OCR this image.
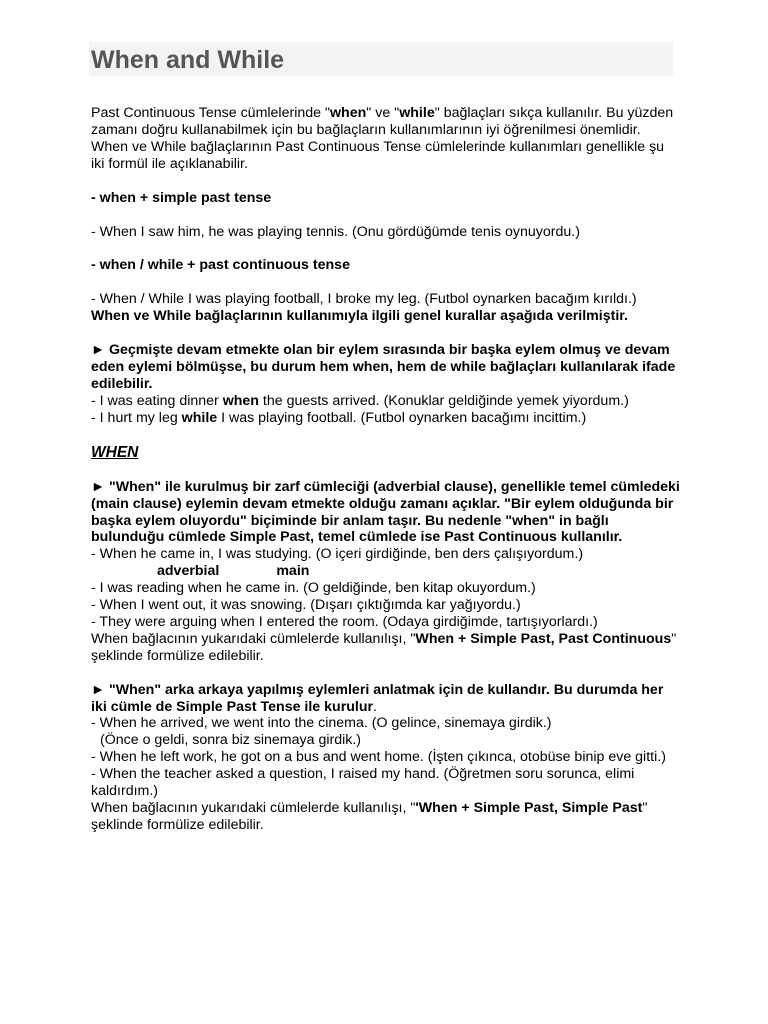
When and While

Past Continuous Tense cümlelerinde "when" ve "while" bağlaçları sıkça kullanılır. Bu yüzden zamanı doğru kullanabilmek için bu bağlaçların kullanımlarının iyi öğrenilmesi önemlidir.

When ve While bağlaçlarının Past Continuous Tense cümlelerinde kullanımları genellikle şu iki formül ile açıklanabilir.

- when + simple past tense

- When I saw him, he was playing tennis. (Onu gördüğümde tenis oynuyordu.)

- when / while + past continuous tense

- When / While I was playing football, I broke my leg. (Futbol oynarken bacağım kırıldı.)

When ve While bağlaçlarının kullanımıyla ilgili genel kurallar aşağıda verilmiştir.

► Geçmişte devam etmekte olan bir eylem sırasında bir başka eylem olmuş ve devam eden eylemi bölmüşse, bu durum hem when, hem de while bağlaçları kullanılarak ifade edilebilir.

- I was eating dinner when the guests arrived. (Konuklar geldiğinde yemek yiyordum.)

- I hurt my leg while I was playing football. (Futbol oynarken bacağımı incittim.)

WHEN

► "When" ile kurulmuş bir zarf cümleciği (adverbial clause), genellikle temel cümledeki (main clause) eylemin devam etmekte olduğu zamanı açıklar. "Bir eylem olduğunda bir başka eylem oluyordu" biçiminde bir anlam taşır. Bu nedenle "when" in bağlı bulunduğu cümlede Simple Past, temel cümlede ise Past Continuous kullanılır.

- When he came in, I was studying. (O içeri girdiğinde, ben ders çalışıyordum.)

adverbial	main

- I was reading when he came in. (O geldiğinde, ben kitap okuyordum.)

- When I went out, it was snowing. (Dışarı çıktığımda kar yağıyordu.)

- They were arguing when I entered the room. (Odaya girdiğimde, tartışıyorlardı.)

When bağlacının yukarıdaki cümlelerde kullanılışı, "When + Simple Past, Past Continuous" şeklinde formülize edilebilir.

► "When" arka arkaya yapılmış eylemleri anlatmak için de kullandır. Bu durumda her iki cümle de Simple Past Tense ile kurulur.

- When he arrived, we went into the cinema. (O gelince, sinemaya girdik.)

(Önce o geldi, sonra biz sinemaya girdik.)

- When he left work, he got on a bus and went home. (İşten çıkınca, otobüse binip eve gitti.)

- When the teacher asked a question, I raised my hand. (Öğretmen soru sorunca, elimi kaldırdım.)

When bağlacının yukarıdaki cümlelerde kullanılışı, "'When + Simple Past, Simple Past" şeklinde formülize edilebilir.
